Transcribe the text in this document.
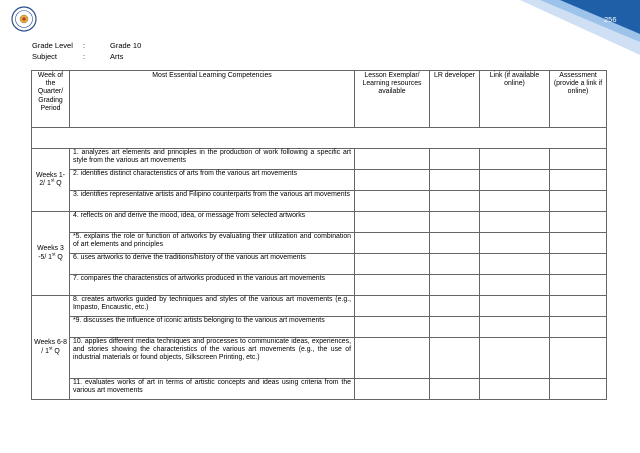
256
Grade Level :	Grade 10
Subject	:	Arts
Week of the Quarter/ Grading Period	Most Essential Learning Competencies	Lesson Exemplar/ Learning resources available	LR developer	Link (if available online)	Assessment (provide a link if online)

Weeks 1-2/ 1st Q	1. analyzes art elements and principles in the production of work following a specific art style from the various art movements				
	2. identifies distinct characteristics of arts from the various art movements				
	3. identifies representative artists and Filipino counterparts from the various art movements				
Weeks 3 -5/ 1st Q	4. reflects on and derive the mood, idea, or message from selected artworks				
	*5. explains the role or function of artworks by evaluating their utilization and combination of art elements and principles				
	6. uses artworks to derive the traditions/history of the various art movements				
	7. compares the characteristics of artworks produced in the various art movements				
Weeks 6-8 / 1st Q	8. creates artworks guided by techniques and styles of the various art movements (e.g., Impasto, Encaustic, etc.)				
	*9. discusses the influence of iconic artists belonging to the various art movements				
	10. applies different media techniques and processes to communicate ideas, experiences, and stories showing the characteristics of the various art movements (e.g., the use of industrial materials or found objects, Silkscreen Printing, etc.)				
	11. evaluates works of art in terms of artistic concepts and ideas using criteria from the various art movements				
